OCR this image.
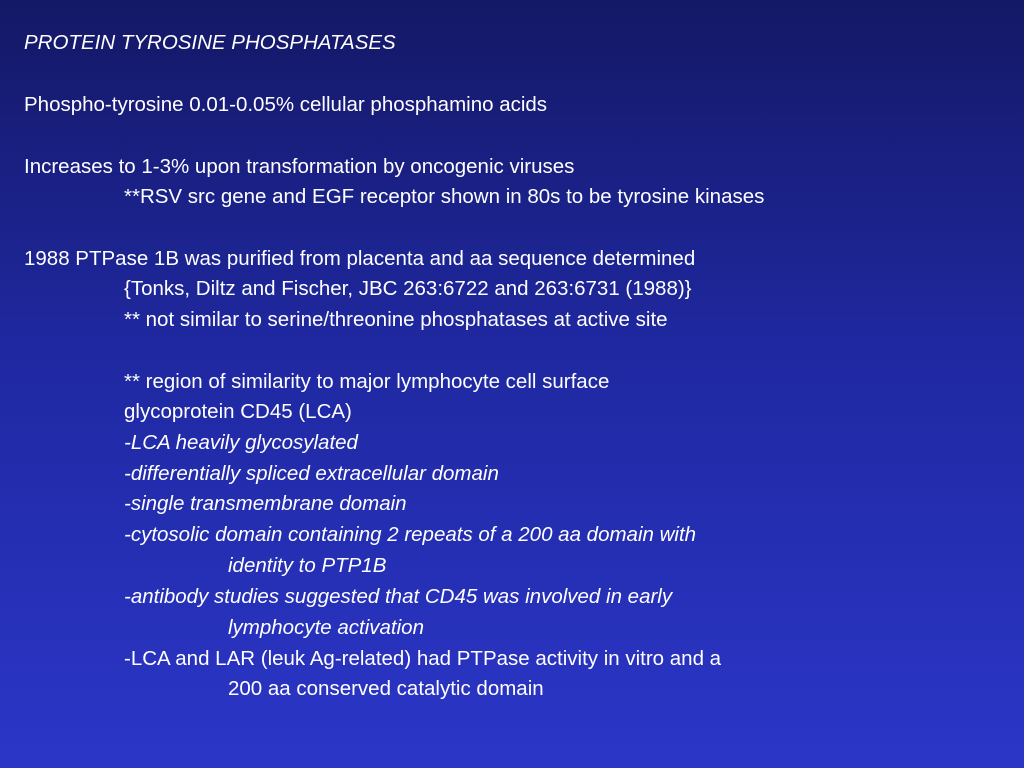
PROTEIN TYROSINE PHOSPHATASES
Phospho-tyrosine 0.01-0.05% cellular phosphamino acids
Increases to 1-3% upon transformation by oncogenic viruses
**RSV src gene and EGF receptor shown in 80s to be tyrosine kinases
1988 PTPase 1B was purified from placenta and aa sequence determined
{Tonks, Diltz and Fischer, JBC 263:6722 and 263:6731 (1988)}
** not similar to serine/threonine phosphatases at active site
** region of similarity to major lymphocyte cell surface
glycoprotein CD45 (LCA)
-LCA heavily glycosylated
-differentially spliced extracellular domain
-single transmembrane domain
-cytosolic domain containing 2 repeats of a 200 aa domain with
identity to PTP1B
-antibody studies suggested that CD45 was involved in early
lymphocyte activation
-LCA and LAR (leuk Ag-related) had PTPase activity in vitro and a
200 aa conserved catalytic domain
